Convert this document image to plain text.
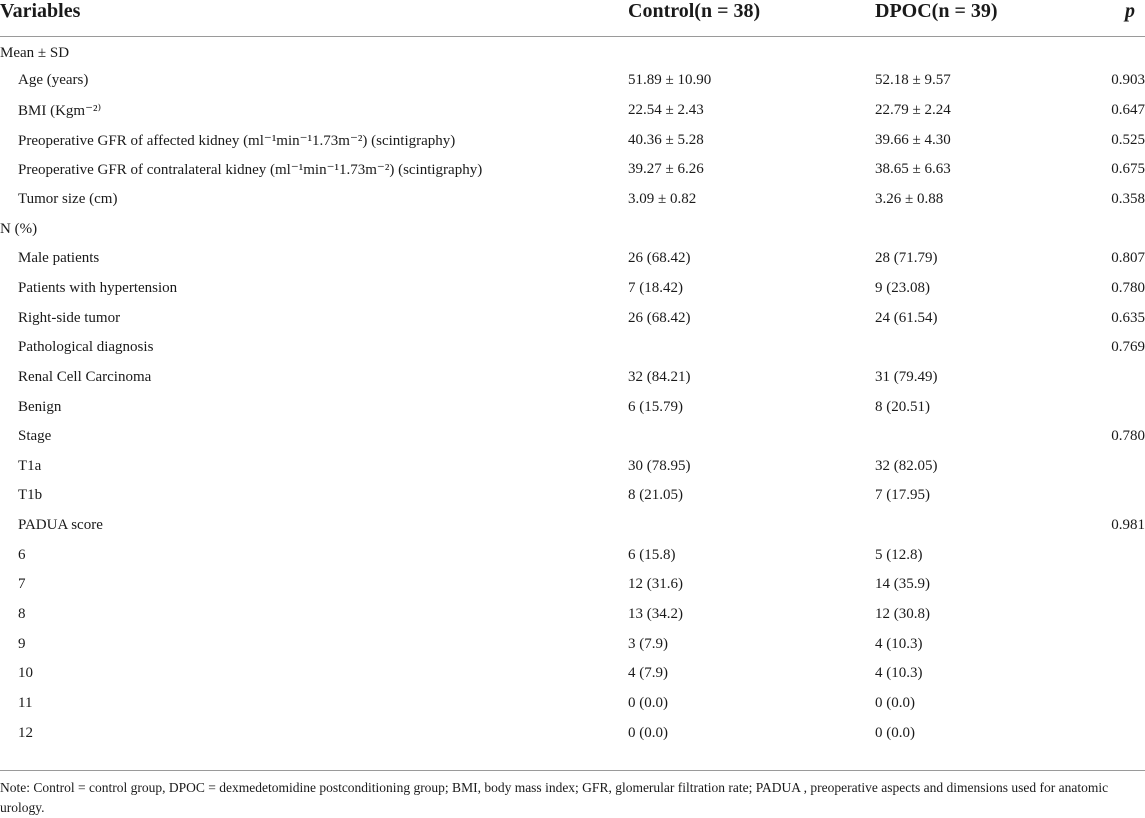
Variables	Control(n = 38)	DPOC(n = 39)	p
Mean ± SD			
Age (years)	51.89 ± 10.90	52.18 ± 9.57	0.903
BMI (Kgm⁻²⁾	22.54 ± 2.43	22.79 ± 2.24	0.647
Preoperative GFR of affected kidney (ml⁻¹min⁻¹1.73m⁻²) (scintigraphy)	40.36 ± 5.28	39.66 ± 4.30	0.525
Preoperative GFR of contralateral kidney (ml⁻¹min⁻¹1.73m⁻²) (scintigraphy)	39.27 ± 6.26	38.65 ± 6.63	0.675
Tumor size (cm)	3.09 ± 0.82	3.26 ± 0.88	0.358
N (%)			
Male patients	26 (68.42)	28 (71.79)	0.807
Patients with hypertension	7 (18.42)	9 (23.08)	0.780
Right-side tumor	26 (68.42)	24 (61.54)	0.635
Pathological diagnosis			0.769
Renal Cell Carcinoma	32 (84.21)	31 (79.49)	
Benign	6 (15.79)	8 (20.51)	
Stage			0.780
T1a	30 (78.95)	32 (82.05)	
T1b	8 (21.05)	7 (17.95)	
PADUA score			0.981
6	6 (15.8)	5 (12.8)	
7	12 (31.6)	14 (35.9)	
8	13 (34.2)	12 (30.8)	
9	3 (7.9)	4 (10.3)	
10	4 (7.9)	4 (10.3)	
11	0 (0.0)	0 (0.0)	
12	0 (0.0)	0 (0.0)	
Note: Control = control group, DPOC = dexmedetomidine postconditioning group; BMI, body mass index; GFR, glomerular filtration rate; PADUA , preoperative aspects and dimensions used for anatomic urology.
